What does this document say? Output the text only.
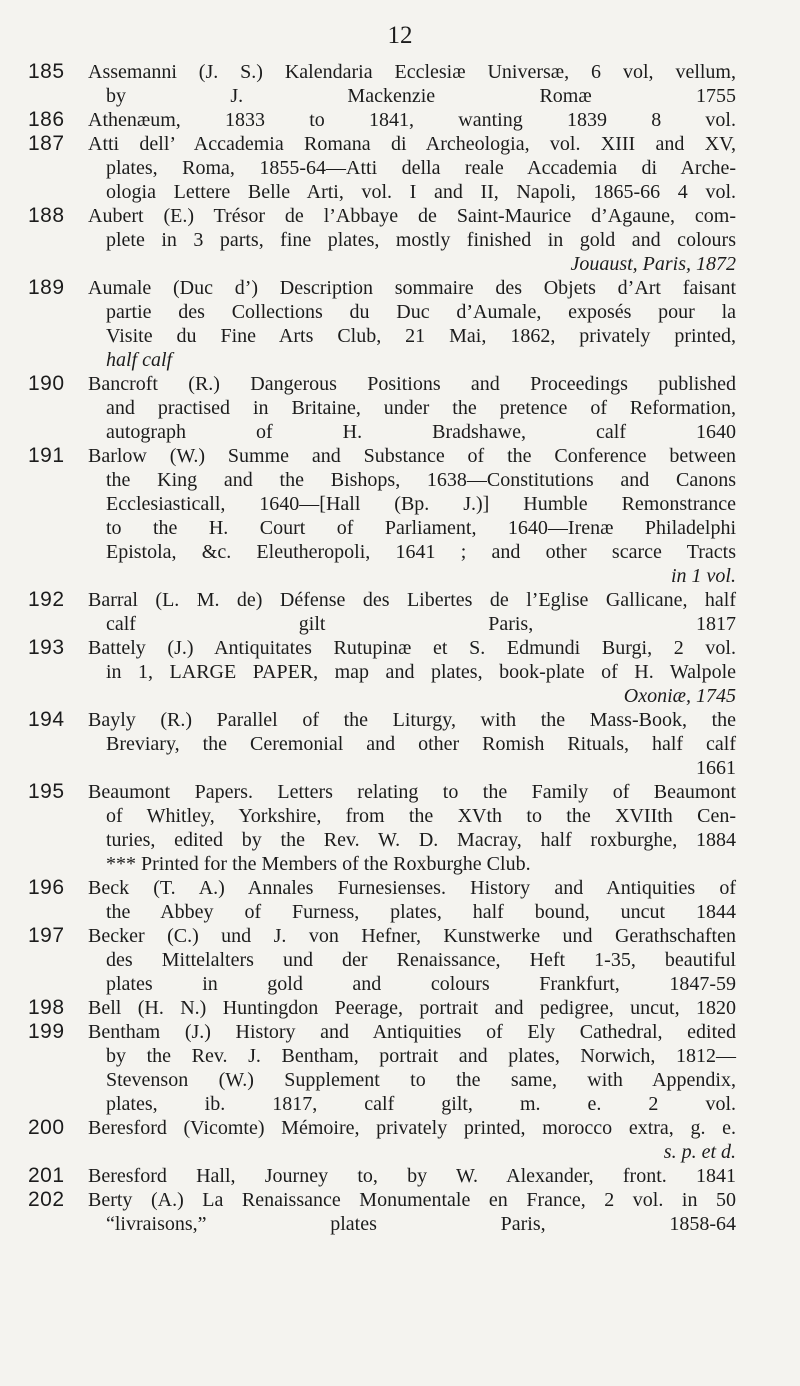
12
185 Assemanni (J. S.) Kalendaria Ecclesiæ Universæ, 6 vol, vellum,
by J. Mackenzie Romæ 1755
186 Athenæum, 1833 to 1841, wanting 1839 8 vol.
187 Atti dell’ Accademia Romana di Archeologia, vol. XIII and XV,
plates, Roma, 1855-64—Atti della reale Accademia di Arche-
ologia Lettere Belle Arti, vol. I and II, Napoli, 1865-66 4 vol.
188 Aubert (E.) Trésor de l’Abbaye de Saint-Maurice d’Agaune, com-
plete in 3 parts, fine plates, mostly finished in gold and colours
Jouaust, Paris, 1872
189 Aumale (Duc d’) Description sommaire des Objets d’Art faisant
partie des Collections du Duc d’Aumale, exposés pour la
Visite du Fine Arts Club, 21 Mai, 1862, privately printed,
half calf
190 Bancroft (R.) Dangerous Positions and Proceedings published
and practised in Britaine, under the pretence of Reformation,
autograph of H. Bradshawe, calf 1640
191 Barlow (W.) Summe and Substance of the Conference between
the King and the Bishops, 1638—Constitutions and Canons
Ecclesiasticall, 1640—[Hall (Bp. J.)] Humble Remonstrance
to the H. Court of Parliament, 1640—Irenæ Philadelphi
Epistola, &c. Eleutheropoli, 1641 ; and other scarce Tracts
in 1 vol.
192 Barral (L. M. de) Défense des Libertes de l’Eglise Gallicane, half
calf gilt Paris, 1817
193 Battely (J.) Antiquitates Rutupinæ et S. Edmundi Burgi, 2 vol.
in 1, LARGE PAPER, map and plates, book-plate of H. Walpole
Oxoniæ, 1745
194 Bayly (R.) Parallel of the Liturgy, with the Mass-Book, the
Breviary, the Ceremonial and other Romish Rituals, half calf
1661
195 Beaumont Papers. Letters relating to the Family of Beaumont
of Whitley, Yorkshire, from the XVth to the XVIIth Cen-
turies, edited by the Rev. W. D. Macray, half roxburghe, 1884
*** Printed for the Members of the Roxburghe Club.
196 Beck (T. A.) Annales Furnesienses. History and Antiquities of
the Abbey of Furness, plates, half bound, uncut 1844
197 Becker (C.) und J. von Hefner, Kunstwerke und Gerathschaften
des Mittelalters und der Renaissance, Heft 1-35, beautiful
plates in gold and colours Frankfurt, 1847-59
198 Bell (H. N.) Huntingdon Peerage, portrait and pedigree, uncut, 1820
199 Bentham (J.) History and Antiquities of Ely Cathedral, edited
by the Rev. J. Bentham, portrait and plates, Norwich, 1812—
Stevenson (W.) Supplement to the same, with Appendix,
plates, ib. 1817, calf gilt, m. e. 2 vol.
200 Beresford (Vicomte) Mémoire, privately printed, morocco extra, g. e.
s. p. et d.
201 Beresford Hall, Journey to, by W. Alexander, front. 1841
202 Berty (A.) La Renaissance Monumentale en France, 2 vol. in 50
“livraisons,” plates Paris, 1858-64
